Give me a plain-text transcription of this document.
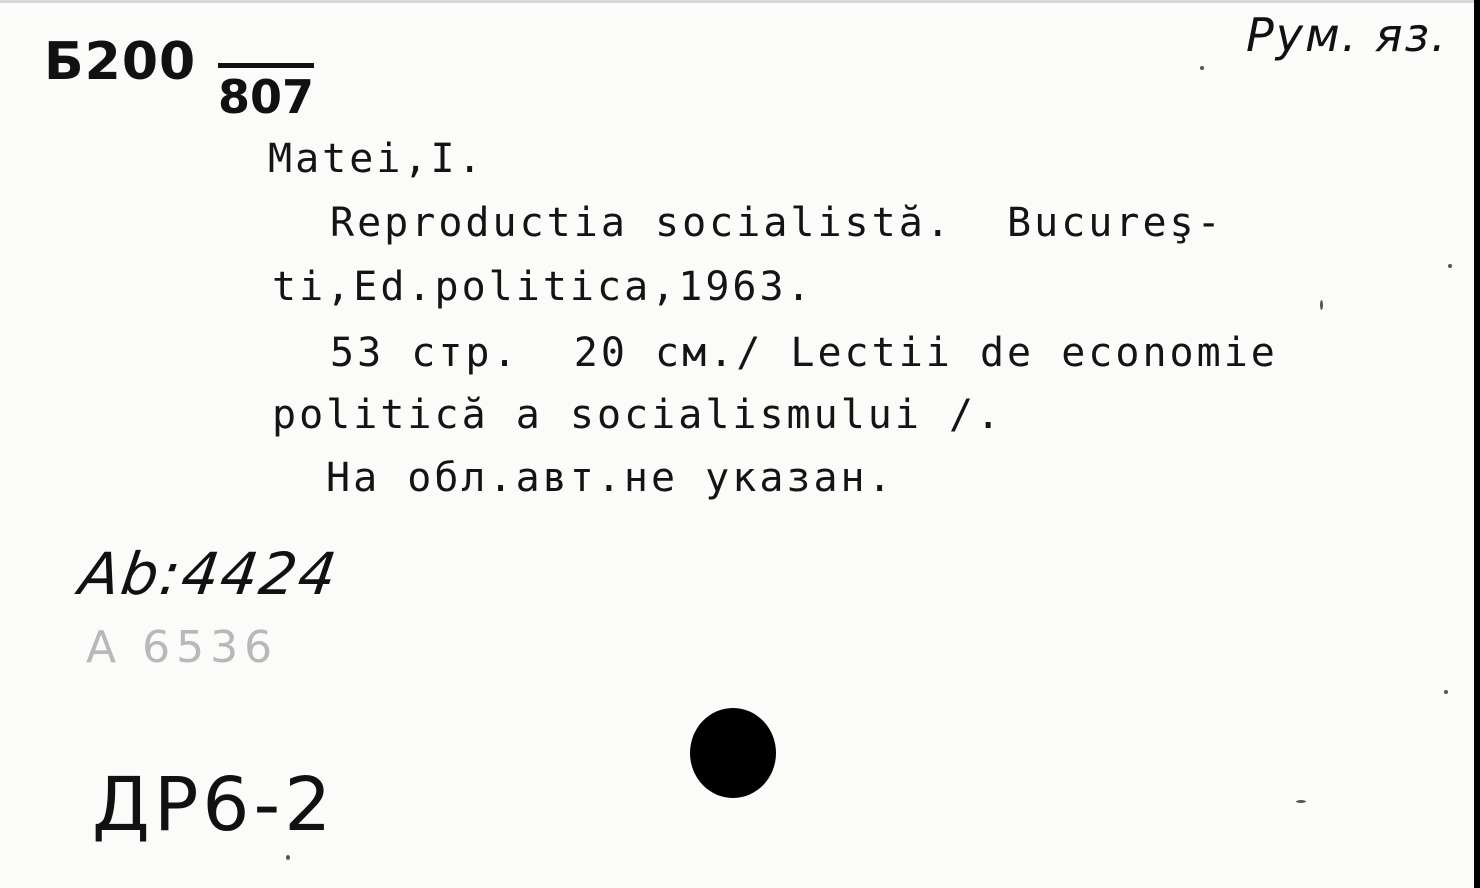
Б200
807
Рум. яз.
Matei,I.
Reproductia socialistă.  Bucureş-
ti,Ed.politica,1963.
53 стр.  20 см./ Lectii de economie
politică a socialismului /.
На обл.авт.не указан.
Ab:4424
A 6536
ДР6-2
